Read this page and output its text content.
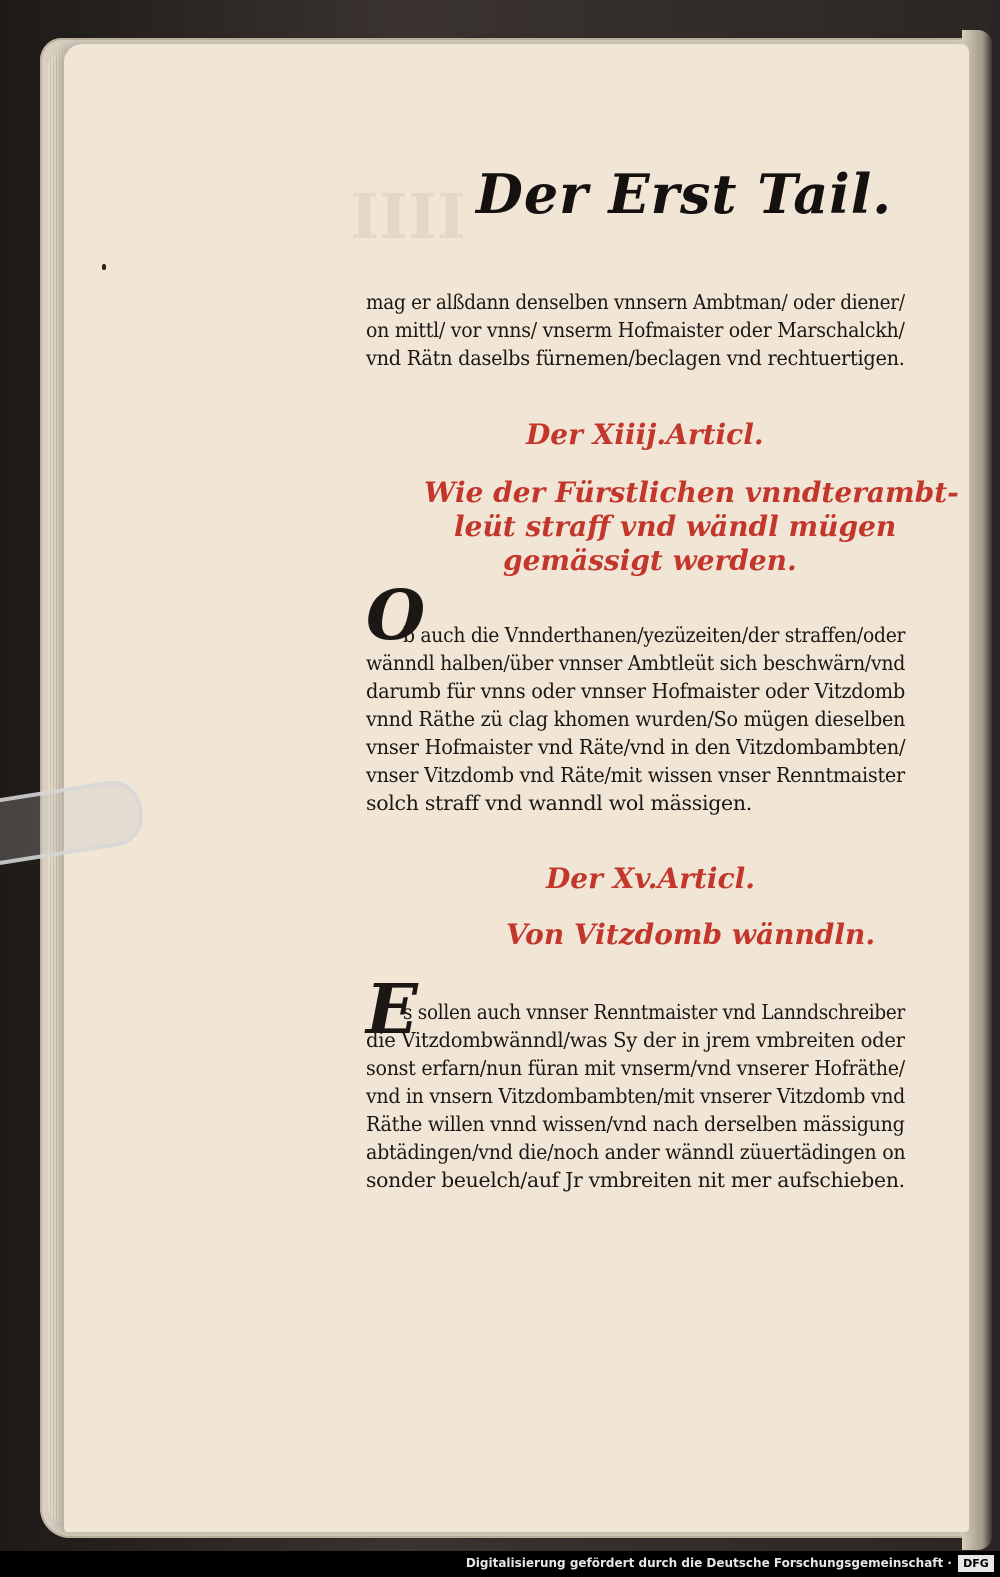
IIII Der Erst Tail.
mag er alßdann denselben vnnsern Ambtman/ oder diener/
on mittl/ vor vnns/ vnserm Hofmaister oder Marschalckh/
vnd Rätn daselbs fürnemen/beclagen vnd rechtuertigen.
Der Xiiij.Articl.
Wie der Fürstlichen vnndterambt-
leüt straff vnd wändl mügen
gemässigt werden.
O
b auch die Vnnderthanen/yezüzeiten/der straffen/oder
wänndl halben/über vnnser Ambtleüt sich beschwärn/vnd
darumb für vnns oder vnnser Hofmaister oder Vitzdomb
vnnd Räthe zü clag khomen wurden/So mügen dieselben
vnser Hofmaister vnd Räte/vnd in den Vitzdombambten/
vnser Vitzdomb vnd Räte/mit wissen vnser Renntmaister
solch straff vnd wanndl wol mässigen.
Der Xv.Articl.
Von Vitzdomb wänndln.
E
s sollen auch vnnser Renntmaister vnd Lanndschreiber
die Vitzdombwänndl/was Sy der in jrem vmbreiten oder
sonst erfarn/nun füran mit vnserm/vnd vnserer Hofräthe/
vnd in vnsern Vitzdombambten/mit vnserer Vitzdomb vnd
Räthe willen vnnd wissen/vnd nach derselben mässigung
abtädingen/vnd die/noch ander wänndl züuertädingen on
sonder beuelch/auf Jr vmbreiten nit mer aufschieben.
Digitalisierung gefördert durch die Deutsche Forschungsgemeinschaft ·	DFG
